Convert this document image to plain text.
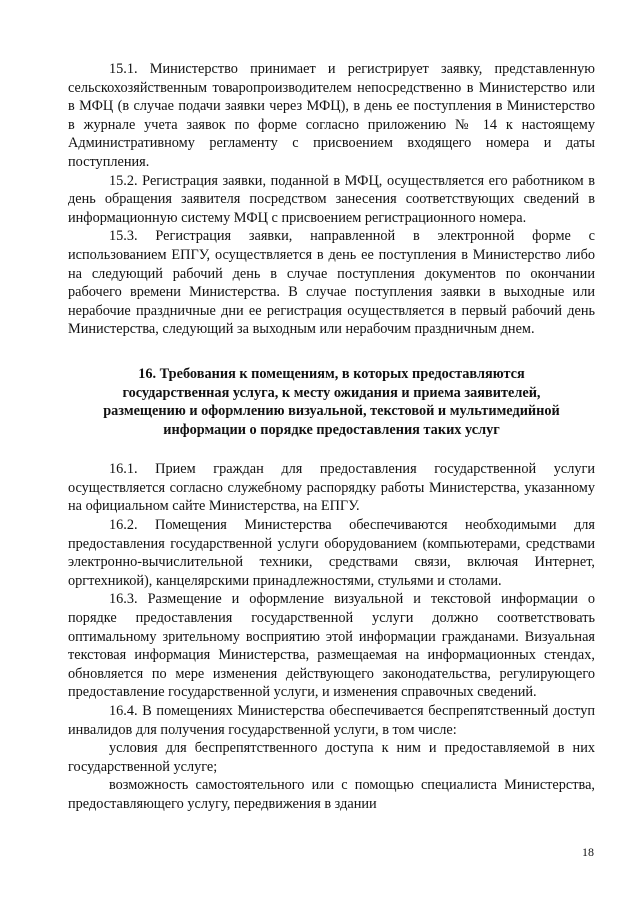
15.1. Министерство принимает и регистрирует заявку, представленную сельскохозяйственным товаропроизводителем непосредственно в Министерство или в МФЦ (в случае подачи заявки через МФЦ), в день ее поступления в Министерство в журнале учета заявок по форме согласно приложению № 14 к настоящему Административному регламенту с присвоением входящего номера и даты поступления.

15.2. Регистрация заявки, поданной в МФЦ, осуществляется его работником в день обращения заявителя посредством занесения соответствующих сведений в информационную систему МФЦ с присвоением регистрационного номера.

15.3. Регистрация заявки, направленной в электронной форме с использованием ЕПГУ, осуществляется в день ее поступления в Министерство либо на следующий рабочий день в случае поступления документов по окончании рабочего времени Министерства. В случае поступления заявки в выходные или нерабочие праздничные дни ее регистрация осуществляется в первый рабочий день Министерства, следующий за выходным или нерабочим праздничным днем.

16. Требования к помещениям, в которых предоставляются государственная услуга, к месту ожидания и приема заявителей, размещению и оформлению визуальной, текстовой и мультимедийной информации о порядке предоставления таких услуг

16.1. Прием граждан для предоставления государственной услуги осуществляется согласно служебному распорядку работы Министерства, указанному на официальном сайте Министерства, на ЕПГУ.

16.2. Помещения Министерства обеспечиваются необходимыми для предоставления государственной услуги оборудованием (компьютерами, средствами электронно-вычислительной техники, средствами связи, включая Интернет, оргтехникой), канцелярскими принадлежностями, стульями и столами.

16.3. Размещение и оформление визуальной и текстовой информации о порядке предоставления государственной услуги должно соответствовать оптимальному зрительному восприятию этой информации гражданами. Визуальная текстовая информация Министерства, размещаемая на информационных стендах, обновляется по мере изменения действующего законодательства, регулирующего предоставление государственной услуги, и изменения справочных сведений.

16.4. В помещениях Министерства обеспечивается беспрепятственный доступ инвалидов для получения государственной услуги, в том числе:

условия для беспрепятственного доступа к ним и предоставляемой в них государственной услуге;

возможность самостоятельного или с помощью специалиста Министерства, предоставляющего услугу, передвижения в здании

18
